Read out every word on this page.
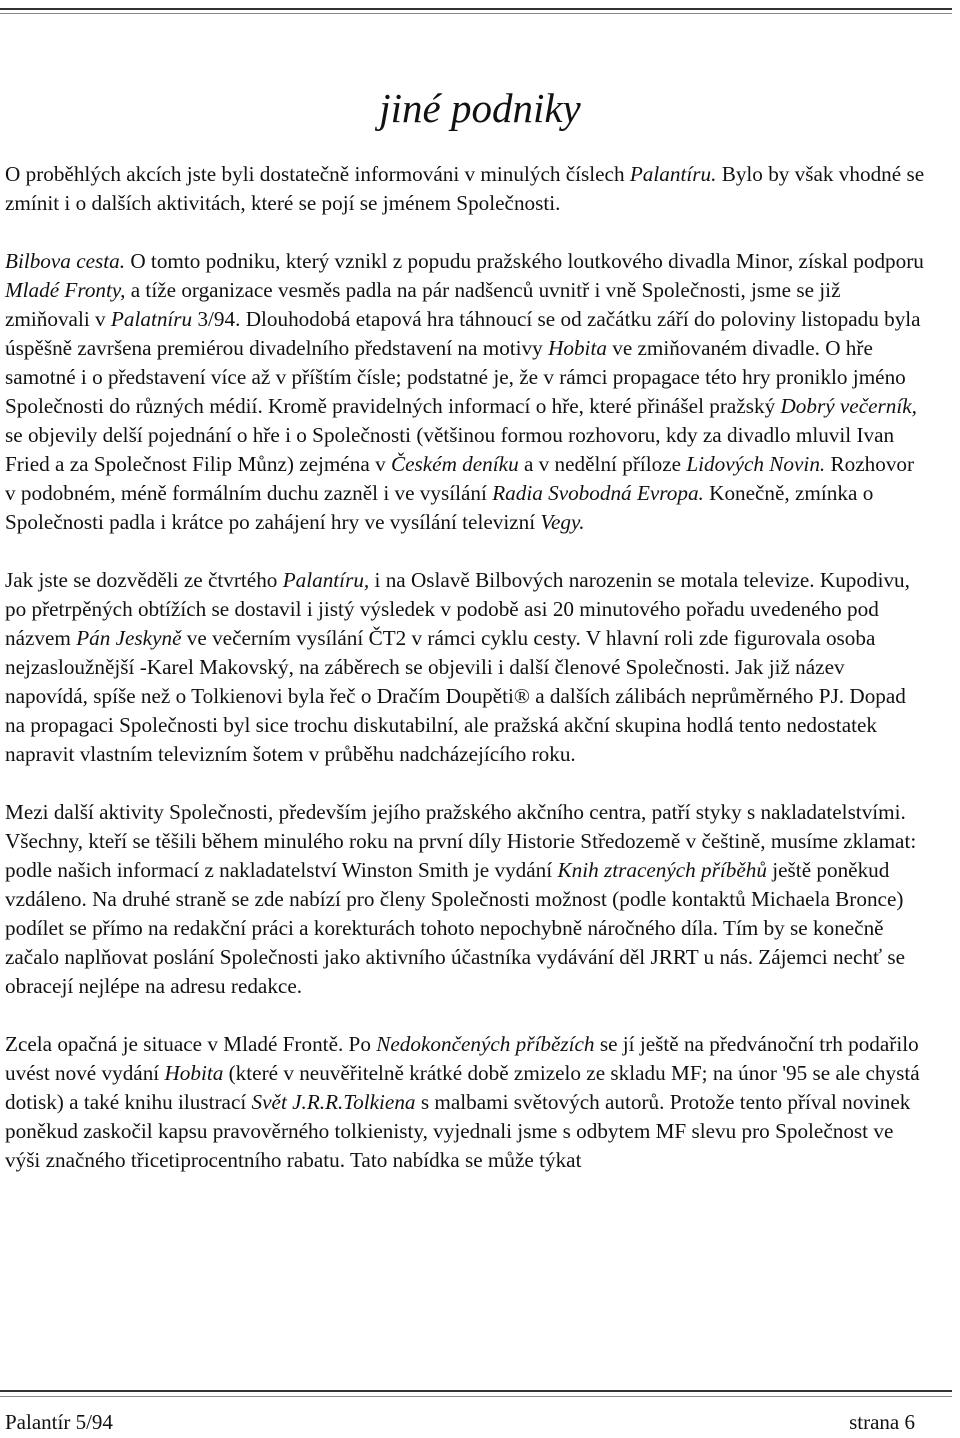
jiné podniky

O proběhlých akcích jste byli dostatečně informováni v minulých číslech Palantíru. Bylo by však vhodné se zmínit i o dalších aktivitách, které se pojí se jménem Společnosti.

Bilbova cesta. O tomto podniku, který vznikl z popudu pražského loutkového divadla Minor, získal podporu Mladé Fronty, a tíže organizace vesměs padla na pár nadšenců uvnitř i vně Společnosti, jsme se již zmiňovali v Palatníru 3/94. Dlouhodobá etapová hra táhnoucí se od začátku září do poloviny listopadu byla úspěšně završena premiérou divadelního představení na motivy Hobita ve zmiňovaném divadle. O hře samotné i o představení více až v příštím čísle; podstatné je, že v rámci propagace této hry proniklo jméno Společnosti do různých médií. Kromě pravidelných informací o hře, které přinášel pražský Dobrý večerník, se objevily delší pojednání o hře i o Společnosti (většinou formou rozhovoru, kdy za divadlo mluvil Ivan Fried a za Společnost Filip Můnz) zejména v Českém deníku a v nedělní příloze Lidových Novin. Rozhovor v podobném, méně formálním duchu zazněl i ve vysílání Radia Svobodná Evropa. Konečně, zmínka o Společnosti padla i krátce po zahájení hry ve vysílání televizní Vegy.

Jak jste se dozvěděli ze čtvrtého Palantíru, i na Oslavě Bilbových narozenin se motala televize. Kupodivu, po přetrpěných obtížích se dostavil i jistý výsledek v podobě asi 20 minutového pořadu uvedeného pod názvem Pán Jeskyně ve večerním vysílání ČT2 v rámci cyklu cesty. V hlavní roli zde figurovala osoba nejzasloužnější -Karel Makovský, na záběrech se objevili i další členové Společnosti. Jak již název napovídá, spíše než o Tolkienovi byla řeč o Dračím Doupěti® a dalších zálibách neprůměrného PJ. Dopad na propagaci Společnosti byl sice trochu diskutabilní, ale pražská akční skupina hodlá tento nedostatek napravit vlastním televizním šotem v průběhu nadcházejícího roku.

Mezi další aktivity Společnosti, především jejího pražského akčního centra, patří styky s nakladatelstvími. Všechny, kteří se těšili během minulého roku na první díly Historie Středozemě v češtině, musíme zklamat: podle našich informací z nakladatelství Winston Smith je vydání Knih ztracených příběhů ještě poněkud vzdáleno. Na druhé straně se zde nabízí pro členy Společnosti možnost (podle kontaktů Michaela Bronce) podílet se přímo na redakční práci a korekturách tohoto nepochybně náročného díla. Tím by se konečně začalo naplňovat poslání Společnosti jako aktivního účastníka vydávání děl JRRT u nás. Zájemci nechť se obracejí nejlépe na adresu redakce.

Zcela opačná je situace v Mladé Frontě. Po Nedokončených příbězích se jí ještě na předvánoční trh podařilo uvést nové vydání Hobita (které v neuvěřitelně krátké době zmizelo ze skladu MF; na únor '95 se ale chystá dotisk) a také knihu ilustrací Svět J.R.R.Tolkiena s malbami světových autorů. Protože tento příval novinek poněkud zaskočil kapsu pravověrného tolkienisty, vyjednali jsme s odbytem MF slevu pro Společnost ve výši značného třicetiprocentního rabatu. Tato nabídka se může týkat

Palantír 5/94	strana 6
